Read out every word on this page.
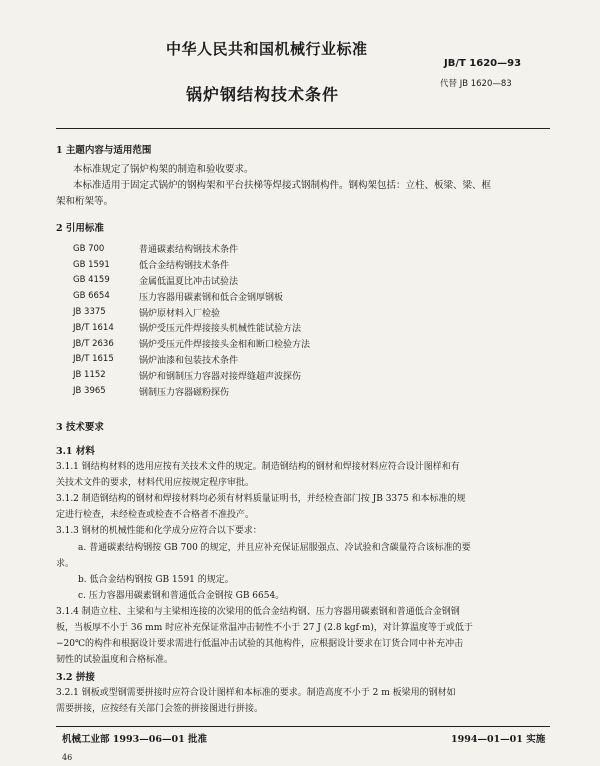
中华人民共和国机械行业标准
JB/T 1620—93
代替 JB 1620—83
锅炉钢结构技术条件
1 主题内容与适用范围
本标准规定了锅炉构架的制造和验收要求。
本标准适用于固定式锅炉的钢构架和平台扶梯等焊接式钢制构件。钢构架包括：立柱、板梁、梁、框
架和桁架等。
2 引用标准
GB 700	普通碳素结构钢技术条件
GB 1591	低合金结构钢技术条件
GB 4159	金属低温夏比冲击试验法
GB 6654	压力容器用碳素钢和低合金钢厚钢板
JB 3375	锅炉原材料入厂检验
JB/T 1614	锅炉受压元件焊接接头机械性能试验方法
JB/T 2636	锅炉受压元件焊接接头金相和断口检验方法
JB/T 1615	锅炉油漆和包装技术条件
JB 1152	锅炉和钢制压力容器对接焊缝超声波探伤
JB 3965	钢制压力容器磁粉探伤
3 技术要求
3.1 材料
3.1.1 钢结构材料的选用应按有关技术文件的规定。制造钢结构的钢材和焊接材料应符合设计图样和有
关技术文件的要求，材料代用应按规定程序审批。
3.1.2 制造钢结构的钢材和焊接材料均必须有材料质量证明书，并经检查部门按 JB 3375 和本标准的规
定进行检查，未经检查或检查不合格者不准投产。
3.1.3 钢材的机械性能和化学成分应符合以下要求：
a. 普通碳素结构钢按 GB 700 的规定，并且应补充保证屈服强点、冷试验和含碳量符合该标准的要
求。
b. 低合金结构钢按 GB 1591 的规定。
c. 压力容器用碳素钢和普通低合金钢按 GB 6654。
3.1.4 制造立柱、主梁和与主梁相连接的次梁用的低合金结构钢、压力容器用碳素钢和普通低合金钢钢
板，当板厚不小于 36 mm 时应补充保证常温冲击韧性不小于 27 J (2.8 kgf·m)，对计算温度等于或低于
−20℃的构件和根据设计要求需进行低温冲击试验的其他构件，应根据设计要求在订货合同中补充冲击
韧性的试验温度和合格标准。
3.2 拼接
3.2.1 钢板或型钢需要拼接时应符合设计图样和本标准的要求。制造高度不小于 2 m 板梁用的钢材如
需要拼接，应按经有关部门会签的拼接图进行拼接。
机械工业部 1993—06—01 批准	1994—01—01 实施
46
